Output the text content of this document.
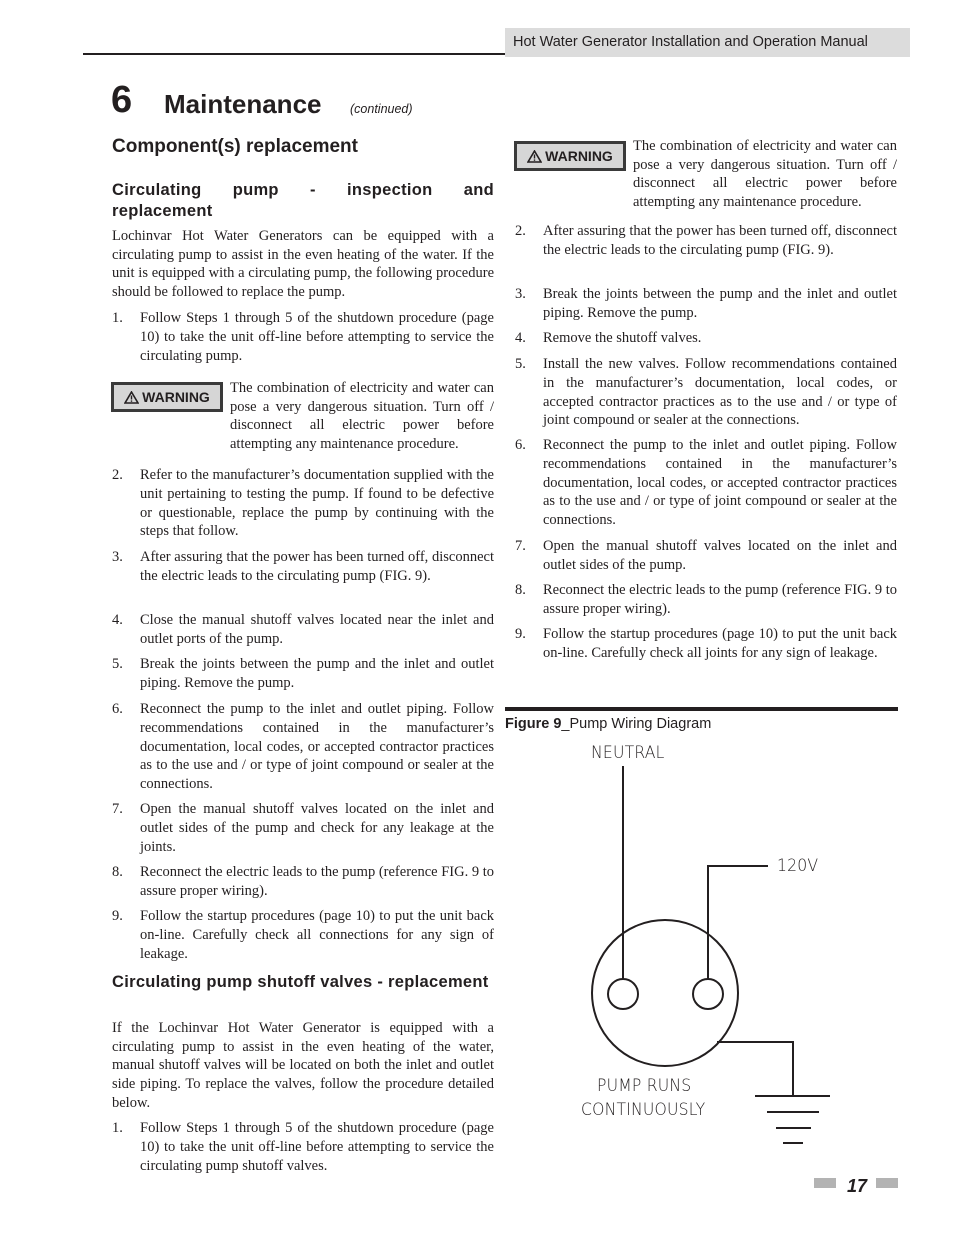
Hot Water Generator Installation and Operation Manual
6 Maintenance (continued)
Component(s) replacement
Circulating pump - inspection and replacement
Lochinvar Hot Water Generators can be equipped with a circulating pump to assist in the even heating of the water. If the unit is equipped with a circulating pump, the following procedure should be followed to replace the pump.
1. Follow Steps 1 through 5 of the shutdown procedure (page 10) to take the unit off-line before attempting to service the circulating pump.
WARNING
The combination of electricity and water can pose a very dangerous situation. Turn off / disconnect all electric power before attempting any maintenance procedure.
2. Refer to the manufacturer’s documentation supplied with the unit pertaining to testing the pump. If found to be defective or questionable, replace the pump by continuing with the steps that follow.
3. After assuring that the power has been turned off, disconnect the electric leads to the circulating pump (FIG. 9).
4. Close the manual shutoff valves located near the inlet and outlet ports of the pump.
5. Break the joints between the pump and the inlet and outlet piping. Remove the pump.
6. Reconnect the pump to the inlet and outlet piping. Follow recommendations contained in the manufacturer’s documentation, local codes, or accepted contractor practices as to the use and / or type of joint compound or sealer at the connections.
7. Open the manual shutoff valves located on the inlet and outlet sides of the pump and check for any leakage at the joints.
8. Reconnect the electric leads to the pump (reference FIG. 9 to assure proper wiring).
9. Follow the startup procedures (page 10) to put the unit back on-line. Carefully check all connections for any sign of leakage.
Circulating pump shutoff valves - replacement
If the Lochinvar Hot Water Generator is equipped with a circulating pump to assist in the even heating of the water, manual shutoff valves will be located on both the inlet and outlet side piping. To replace the valves, follow the procedure detailed below.
1. Follow Steps 1 through 5 of the shutdown procedure (page 10) to take the unit off-line before attempting to service the circulating pump shutoff valves.
WARNING
The combination of electricity and water can pose a very dangerous situation. Turn off / disconnect all electric power before attempting any maintenance procedure.
2. After assuring that the power has been turned off, disconnect the electric leads to the circulating pump (FIG. 9).
3. Break the joints between the pump and the inlet and outlet piping. Remove the pump.
4. Remove the shutoff valves.
5. Install the new valves. Follow recommendations contained in the manufacturer’s documentation, local codes, or accepted contractor practices as to the use and / or type of joint compound or sealer at the connections.
6. Reconnect the pump to the inlet and outlet piping. Follow recommendations contained in the manufacturer’s documentation, local codes, or accepted contractor practices as to the use and / or type of joint compound or sealer at the connections.
7. Open the manual shutoff valves located on the inlet and outlet sides of the pump.
8. Reconnect the electric leads to the pump (reference FIG. 9 to assure proper wiring).
9. Follow the startup procedures (page 10) to put the unit back on-line. Carefully check all joints for any sign of leakage.
Figure 9_Pump Wiring Diagram
NEUTRAL
120V
PUMP RUNS
CONTINUOUSLY
17
